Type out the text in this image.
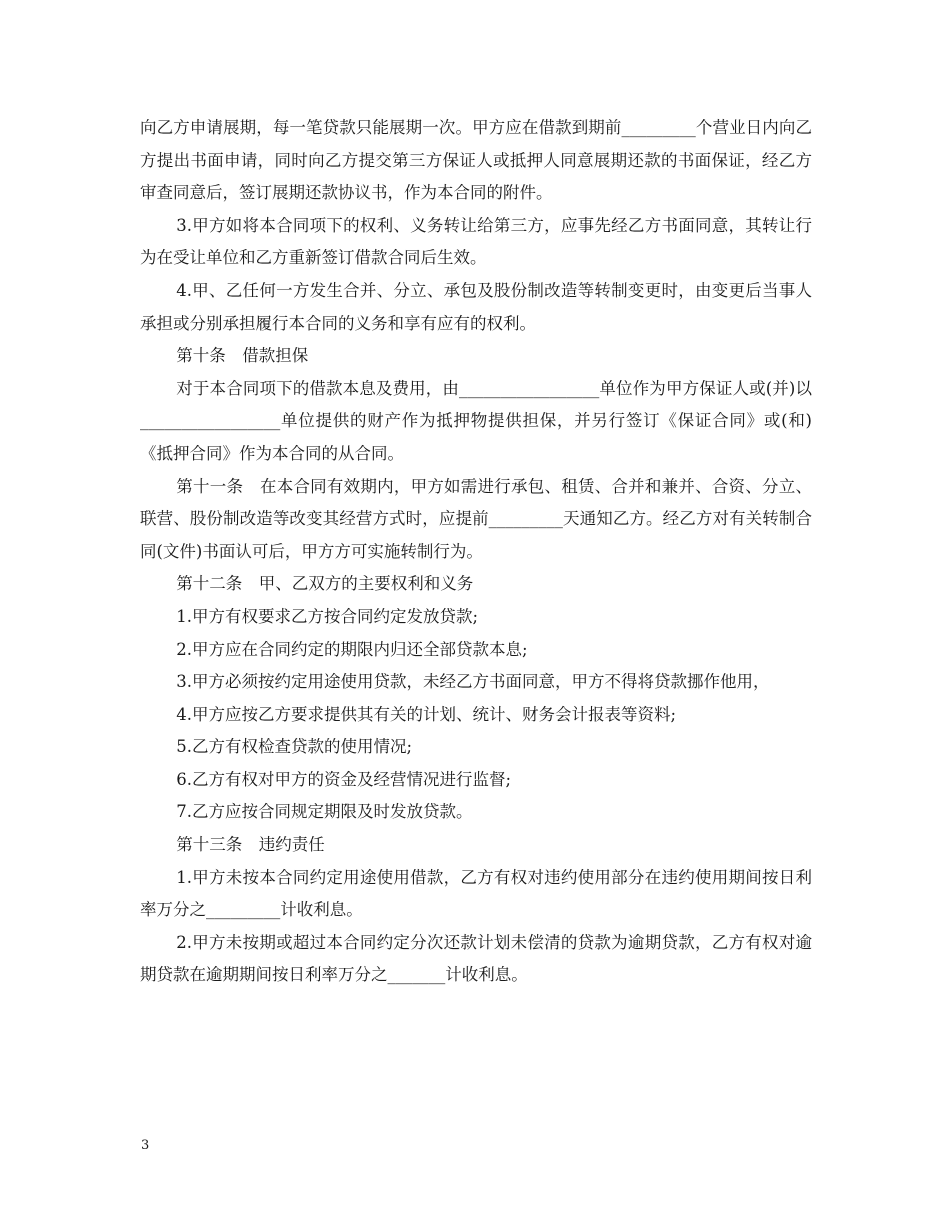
向乙方申请展期，每一笔贷款只能展期一次。甲方应在借款到期前_________个营业日内向乙方提出书面申请，同时向乙方提交第三方保证人或抵押人同意展期还款的书面保证，经乙方审查同意后，签订展期还款协议书，作为本合同的附件。

3.甲方如将本合同项下的权利、义务转让给第三方，应事先经乙方书面同意，其转让行为在受让单位和乙方重新签订借款合同后生效。

4.甲、乙任何一方发生合并、分立、承包及股份制改造等转制变更时，由变更后当事人承担或分别承担履行本合同的义务和享有应有的权利。

第十条　借款担保

对于本合同项下的借款本息及费用，由_________________单位作为甲方保证人或(并)以_________________单位提供的财产作为抵押物提供担保，并另行签订《保证合同》或(和)《抵押合同》作为本合同的从合同。

第十一条　在本合同有效期内，甲方如需进行承包、租赁、合并和兼并、合资、分立、联营、股份制改造等改变其经营方式时，应提前_________天通知乙方。经乙方对有关转制合同(文件)书面认可后，甲方方可实施转制行为。

第十二条　甲、乙双方的主要权利和义务

1.甲方有权要求乙方按合同约定发放贷款;

2.甲方应在合同约定的期限内归还全部贷款本息;

3.甲方必须按约定用途使用贷款，未经乙方书面同意，甲方不得将贷款挪作他用，

4.甲方应按乙方要求提供其有关的计划、统计、财务会计报表等资料;

5.乙方有权检查贷款的使用情况;

6.乙方有权对甲方的资金及经营情况进行监督;

7.乙方应按合同规定期限及时发放贷款。

第十三条　违约责任

1.甲方未按本合同约定用途使用借款，乙方有权对违约使用部分在违约使用期间按日利率万分之_________计收利息。

2.甲方未按期或超过本合同约定分次还款计划未偿清的贷款为逾期贷款，乙方有权对逾期贷款在逾期期间按日利率万分之_______计收利息。

3
